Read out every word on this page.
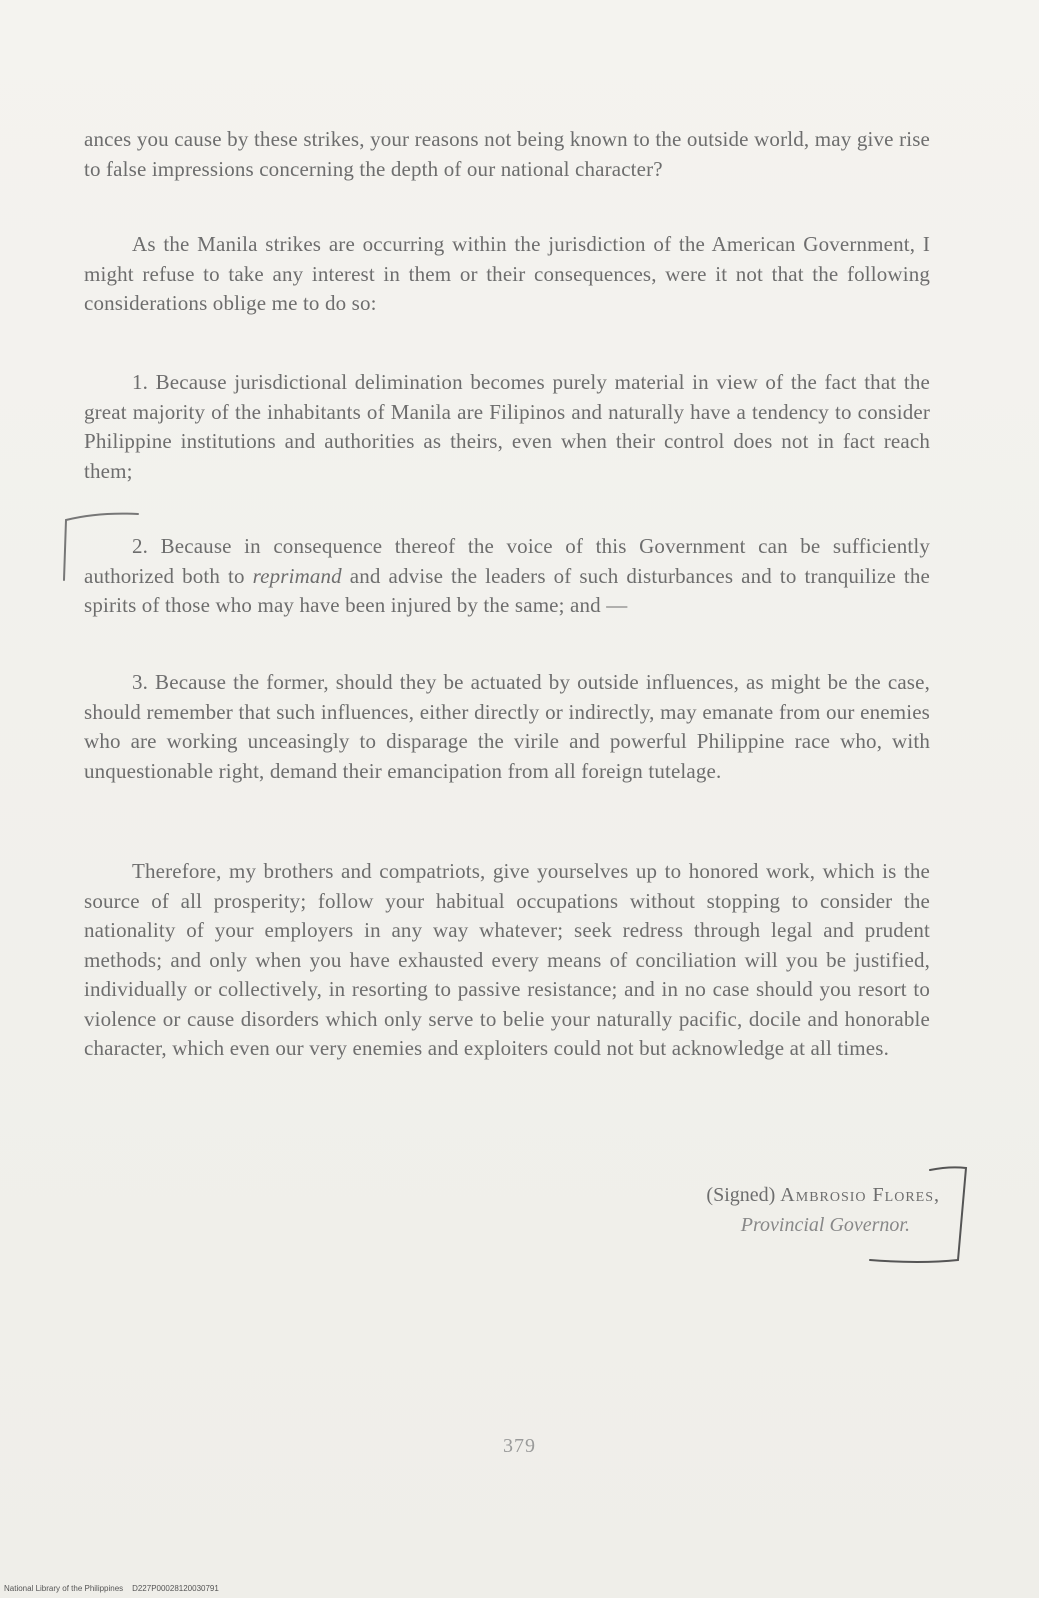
ances you cause by these strikes, your reasons not being known to the outside world, may give rise to false impressions concerning the depth of our national character?

As the Manila strikes are occurring within the jurisdiction of the American Government, I might refuse to take any interest in them or their consequences, were it not that the following considerations oblige me to do so:

1. Because jurisdictional delimination becomes purely material in view of the fact that the great majority of the inhabitants of Manila are Filipinos and naturally have a tendency to consider Philippine institutions and authorities as theirs, even when their control does not in fact reach them;

2. Because in consequence thereof the voice of this Government can be sufficiently authorized both to reprimand and advise the leaders of such disturbances and to tranquilize the spirits of those who may have been injured by the same; and —

3. Because the former, should they be actuated by outside influences, as might be the case, should remember that such influences, either directly or indirectly, may emanate from our enemies who are working unceasingly to disparage the virile and powerful Philippine race who, with unquestionable right, demand their emancipation from all foreign tutelage.

Therefore, my brothers and compatriots, give yourselves up to honored work, which is the source of all prosperity; follow your habitual occupations without stopping to consider the nationality of your employers in any way whatever; seek redress through legal and prudent methods; and only when you have exhausted every means of conciliation will you be justified, individually or collectively, in resorting to passive resistance; and in no case should you resort to violence or cause disorders which only serve to belie your naturally pacific, docile and honorable character, which even our very enemies and exploiters could not but acknowledge at all times.

(Signed) Ambrosio Flores,
Provincial Governor.
379
National Library of the Philippines    D227P00028120030791
